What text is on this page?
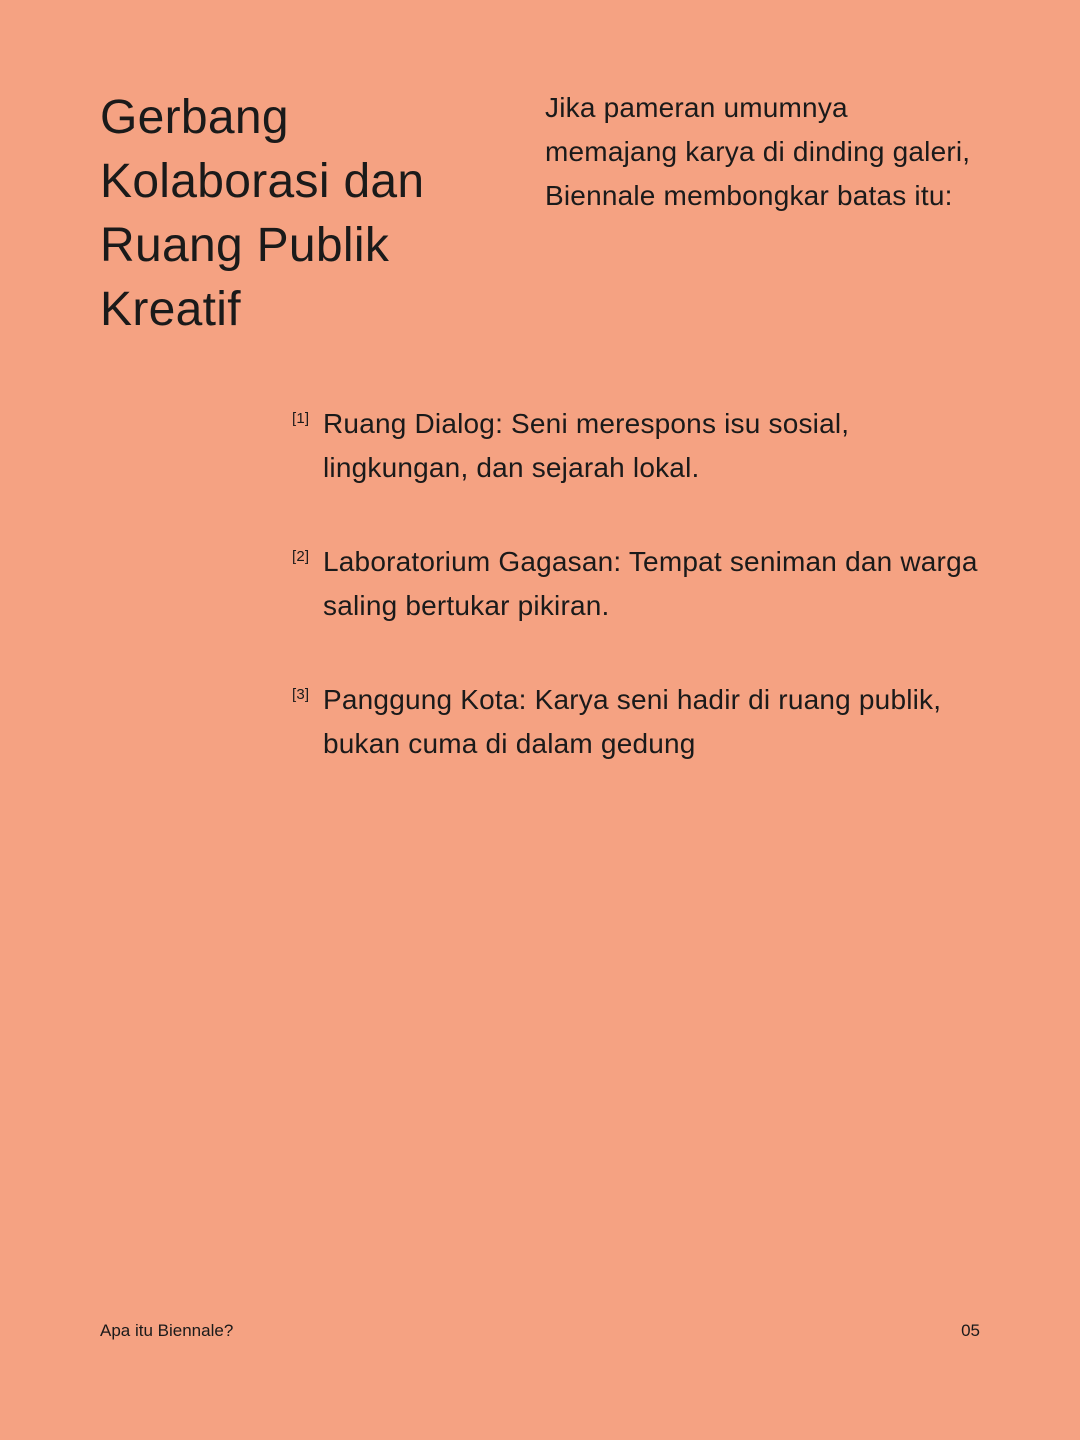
Gerbang Kolaborasi dan Ruang Publik Kreatif

Jika pameran umumnya memajang karya di dinding galeri, Biennale membongkar batas itu:

[1] Ruang Dialog: Seni merespons isu sosial, lingkungan, dan sejarah lokal.
[2] Laboratorium Gagasan: Tempat seniman dan warga saling bertukar pikiran.
[3] Panggung Kota: Karya seni hadir di ruang publik, bukan cuma di dalam gedung
Apa itu Biennale?	05
